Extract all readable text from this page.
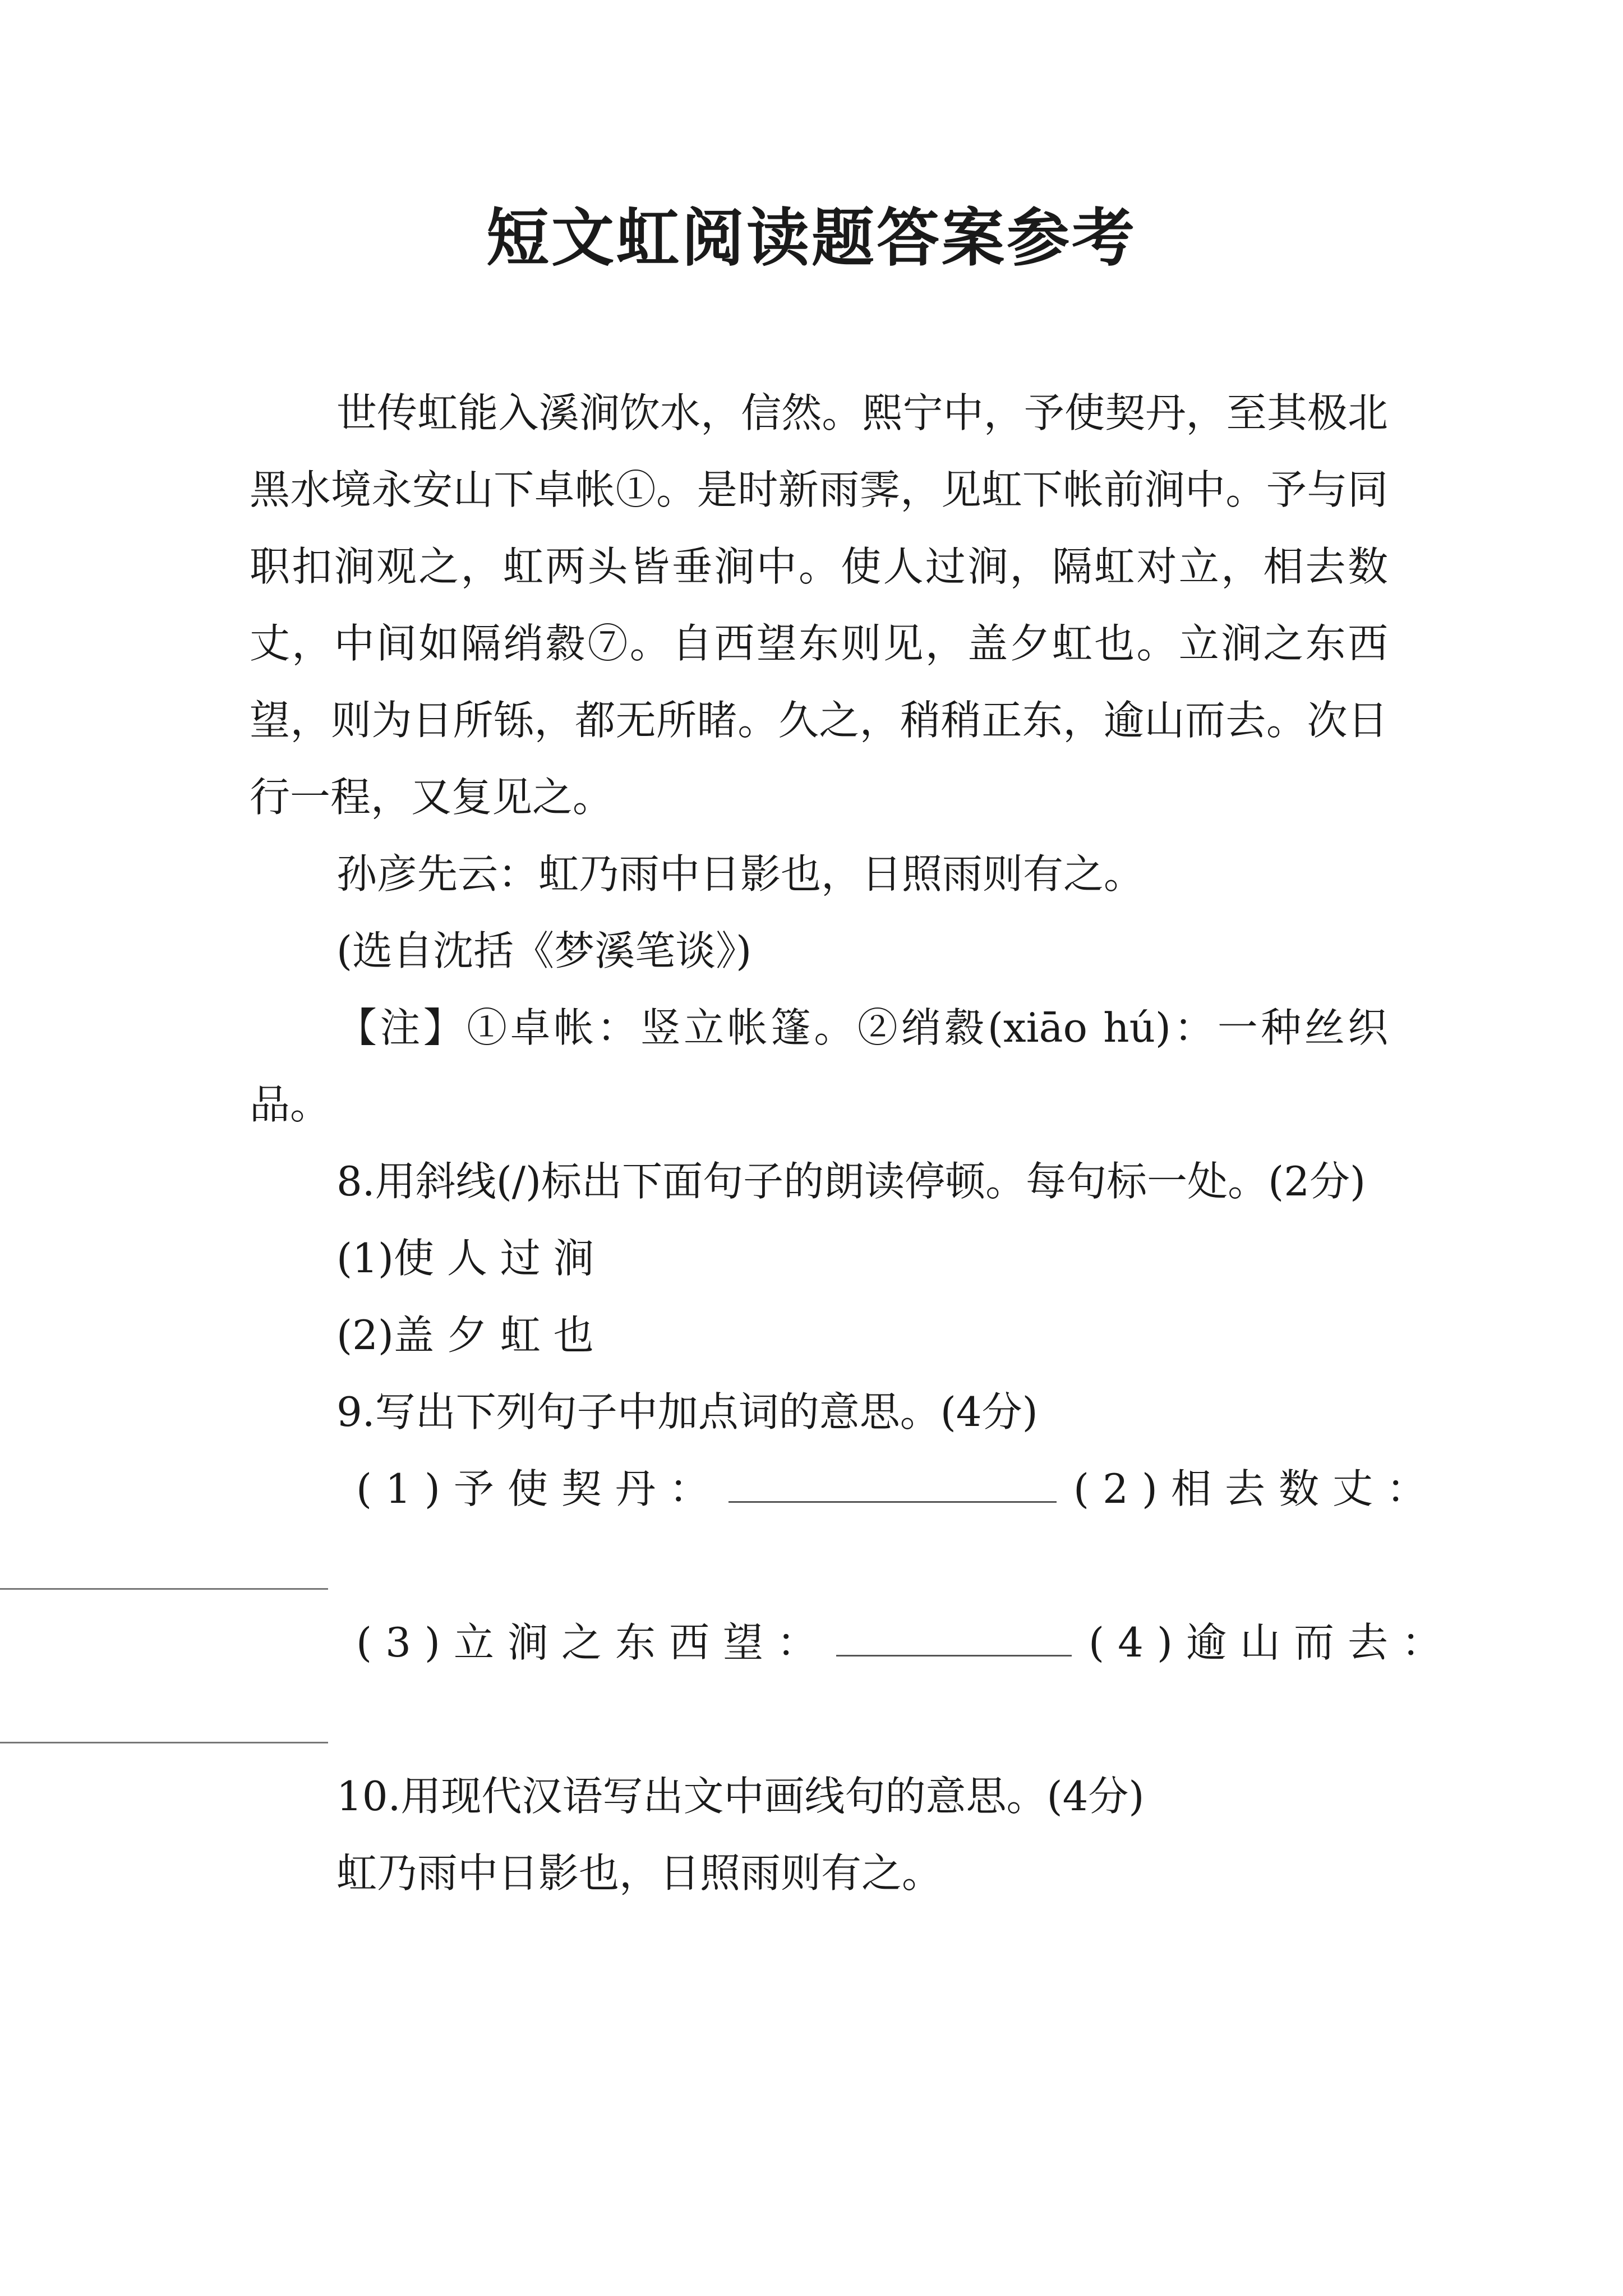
短文虹阅读题答案参考

世传虹能入溪涧饮水，信然。熙宁中，予使契丹，至其极北黑水境永安山下卓帐①。是时新雨霁，见虹下帐前涧中。予与同职扣涧观之，虹两头皆垂涧中。使人过涧，隔虹对立，相去数丈，中间如隔绡縠⑦。自西望东则见，盖夕虹也。立涧之东西望，则为日所铄，都无所睹。久之，稍稍正东，逾山而去。次日行一程，又复见之。

孙彦先云：虹乃雨中日影也，日照雨则有之。

(选自沈括《梦溪笔谈》)

【注】①卓帐：竖立帐篷。②绡縠(xiāo hú)：一种丝织品。

8.用斜线(/)标出下面句子的朗读停顿。每句标一处。(2分)

(1)使 人 过 涧

(2)盖 夕 虹 也

9.写出下列句子中加点词的意思。(4分)

(1)予使契丹：	(2)相去数丈：
(3)立涧之东西望：	(4)逾山而去：

10.用现代汉语写出文中画线句的意思。(4分)

虹乃雨中日影也，日照雨则有之。
